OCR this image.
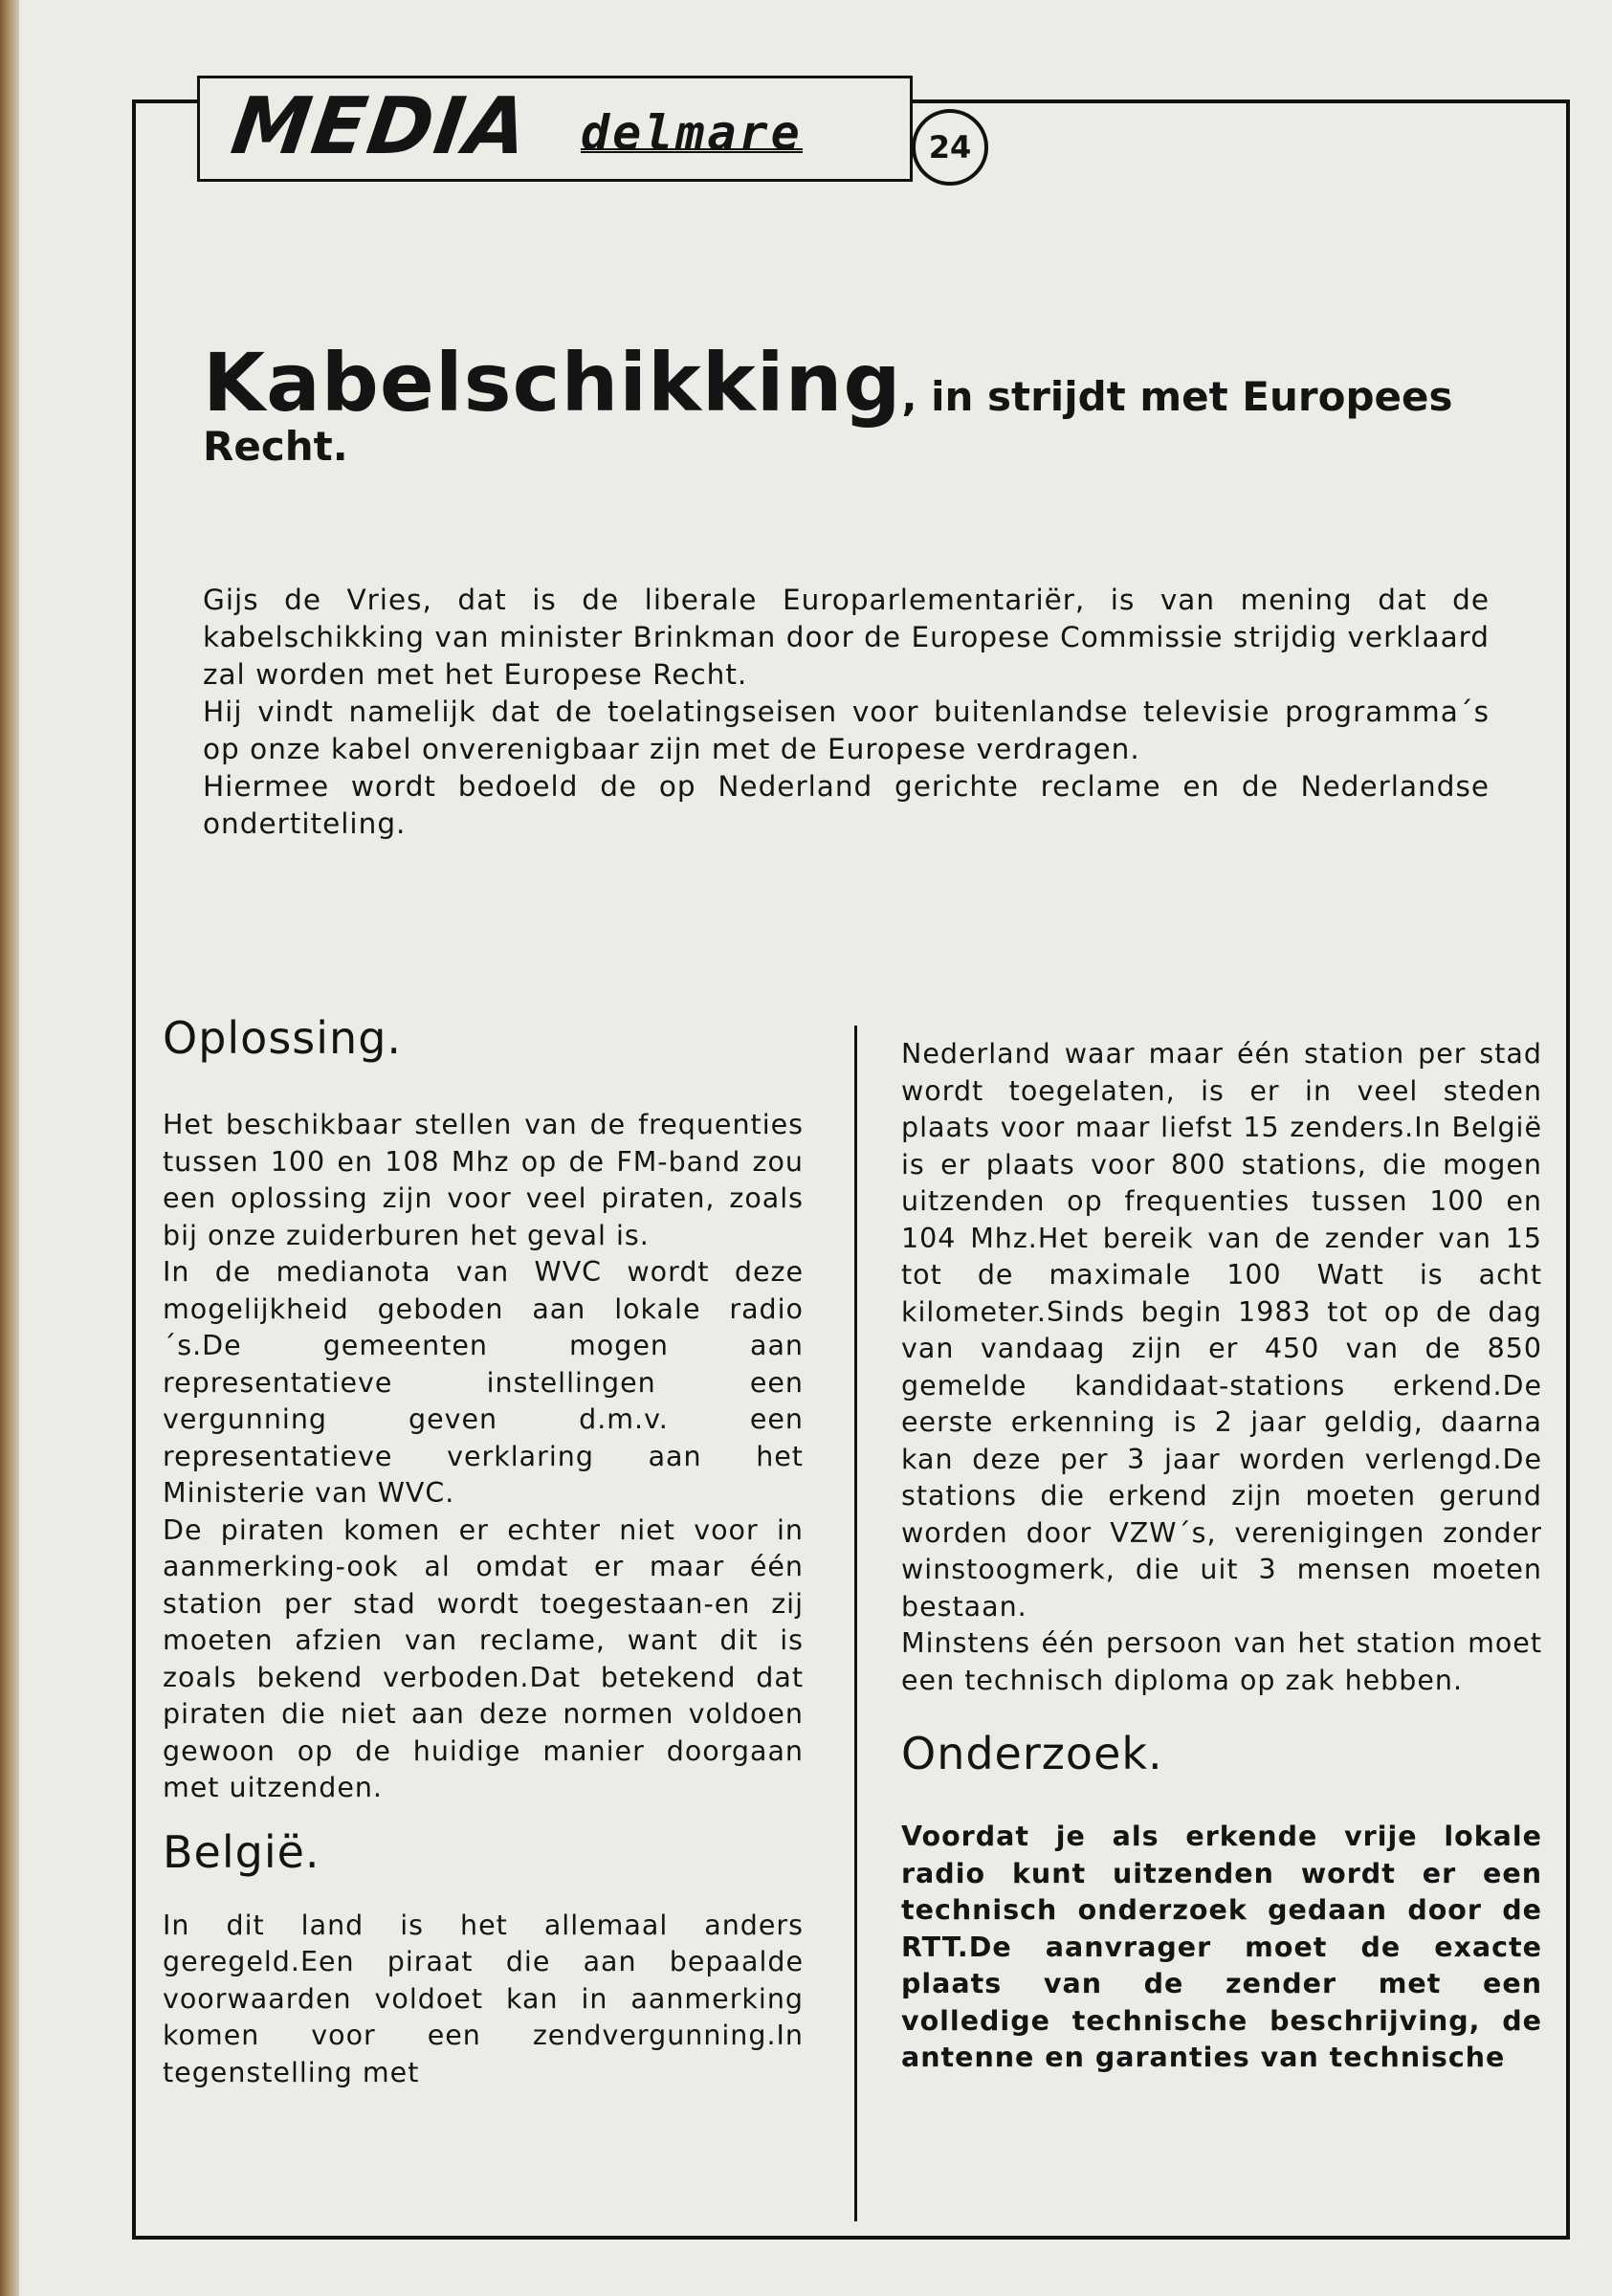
MEDIA delmare	24
Kabelschikking, in strijdt met Europees
Recht.

Gijs de Vries, dat is de liberale Europarlementariër, is van mening dat de kabelschikking van minister Brinkman door de Europese Commissie strijdig verklaard zal worden met het Europese Recht.

Hij vindt namelijk dat de toelatingseisen voor buitenlandse televisie programma´s op onze kabel onverenigbaar zijn met de Europese verdragen.

Hiermee wordt bedoeld de op Nederland gerichte reclame en de Nederlandse ondertiteling.

Oplossing.

Het beschikbaar stellen van de frequenties tussen 100 en 108 Mhz op de FM-band zou een oplossing zijn voor veel piraten, zoals bij onze zuiderburen het geval is.

In de medianota van WVC wordt deze mogelijkheid geboden aan lokale radio´s.De gemeenten mogen aan representatieve instellingen een vergunning geven d.m.v. een representatieve verklaring aan het Ministerie van WVC.

De piraten komen er echter niet voor in aanmerking-ook al omdat er maar één station per stad wordt toegestaan-en zij moeten afzien van reclame, want dit is zoals bekend verboden.Dat betekend dat piraten die niet aan deze normen voldoen gewoon op de huidige manier doorgaan met uitzenden.

België.

In dit land is het allemaal anders geregeld.Een piraat die aan bepaalde voorwaarden voldoet kan in aanmerking komen voor een zendvergunning.In tegenstelling met

Nederland waar maar één station per stad wordt toegelaten, is er in veel steden plaats voor maar liefst 15 zenders.In België is er plaats voor 800 stations, die mogen uitzenden op frequenties tussen 100 en 104 Mhz.Het bereik van de zender van 15 tot de maximale 100 Watt is acht kilometer.Sinds begin 1983 tot op de dag van vandaag zijn er 450 van de 850 gemelde kandidaat-stations erkend.De eerste erkenning is 2 jaar geldig, daarna kan deze per 3 jaar worden verlengd.De stations die erkend zijn moeten gerund worden door VZW´s, verenigingen zonder winstoogmerk, die uit 3 mensen moeten bestaan.

Minstens één persoon van het station moet een technisch diploma op zak hebben.

Onderzoek.

Voordat je als erkende vrije lokale radio kunt uitzenden wordt er een technisch onderzoek gedaan door de RTT.De aanvrager moet de exacte plaats van de zender met een volledige technische beschrijving, de antenne en garanties van technische
